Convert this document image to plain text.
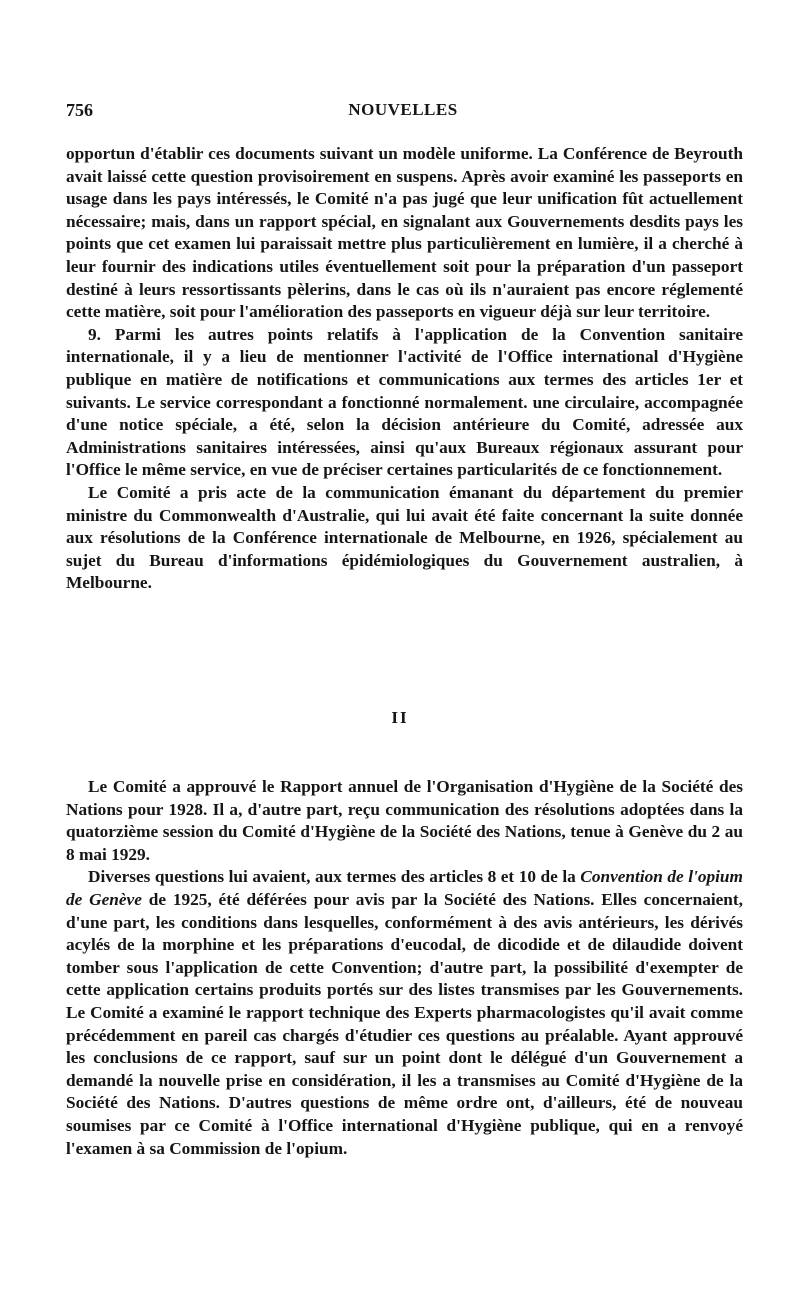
756	NOUVELLES

opportun d'établir ces documents suivant un modèle uniforme. La Conférence de Beyrouth avait laissé cette question provisoirement en suspens. Après avoir examiné les passeports en usage dans les pays intéressés, le Comité n'a pas jugé que leur unification fût actuellement nécessaire; mais, dans un rapport spécial, en signalant aux Gouvernements desdits pays les points que cet examen lui paraissait mettre plus particulièrement en lumière, il a cherché à leur fournir des indications utiles éventuellement soit pour la préparation d'un passeport destiné à leurs ressortissants pèlerins, dans le cas où ils n'auraient pas encore réglementé cette matière, soit pour l'amélioration des passeports en vigueur déjà sur leur territoire.

9. Parmi les autres points relatifs à l'application de la Convention sanitaire internationale, il y a lieu de mentionner l'activité de l'Office international d'Hygiène publique en matière de notifications et communications aux termes des articles 1er et suivants. Le service correspondant a fonctionné normalement. une circulaire, accompagnée d'une notice spéciale, a été, selon la décision antérieure du Comité, adressée aux Administrations sanitaires intéressées, ainsi qu'aux Bureaux régionaux assurant pour l'Office le même service, en vue de préciser certaines particularités de ce fonctionnement.

Le Comité a pris acte de la communication émanant du département du premier ministre du Commonwealth d'Australie, qui lui avait été faite concernant la suite donnée aux résolutions de la Conférence internationale de Melbourne, en 1926, spécialement au sujet du Bureau d'informations épidémiologiques du Gouvernement australien, à Melbourne.

II

Le Comité a approuvé le Rapport annuel de l'Organisation d'Hygiène de la Société des Nations pour 1928. Il a, d'autre part, reçu communication des résolutions adoptées dans la quatorzième session du Comité d'Hygiène de la Société des Nations, tenue à Genève du 2 au 8 mai 1929.

Diverses questions lui avaient, aux termes des articles 8 et 10 de la Convention de l'opium de Genève de 1925, été déférées pour avis par la Société des Nations. Elles concernaient, d'une part, les conditions dans lesquelles, conformément à des avis antérieurs, les dérivés acylés de la morphine et les préparations d'eucodal, de dicodide et de dilaudide doivent tomber sous l'application de cette Convention; d'autre part, la possibilité d'exempter de cette application certains produits portés sur des listes transmises par les Gouvernements. Le Comité a examiné le rapport technique des Experts pharmacologistes qu'il avait comme précédemment en pareil cas chargés d'étudier ces questions au préalable. Ayant approuvé les conclusions de ce rapport, sauf sur un point dont le délégué d'un Gouvernement a demandé la nouvelle prise en considération, il les a transmises au Comité d'Hygiène de la Société des Nations. D'autres questions de même ordre ont, d'ailleurs, été de nouveau soumises par ce Comité à l'Office international d'Hygiène publique, qui en a renvoyé l'examen à sa Commission de l'opium.
